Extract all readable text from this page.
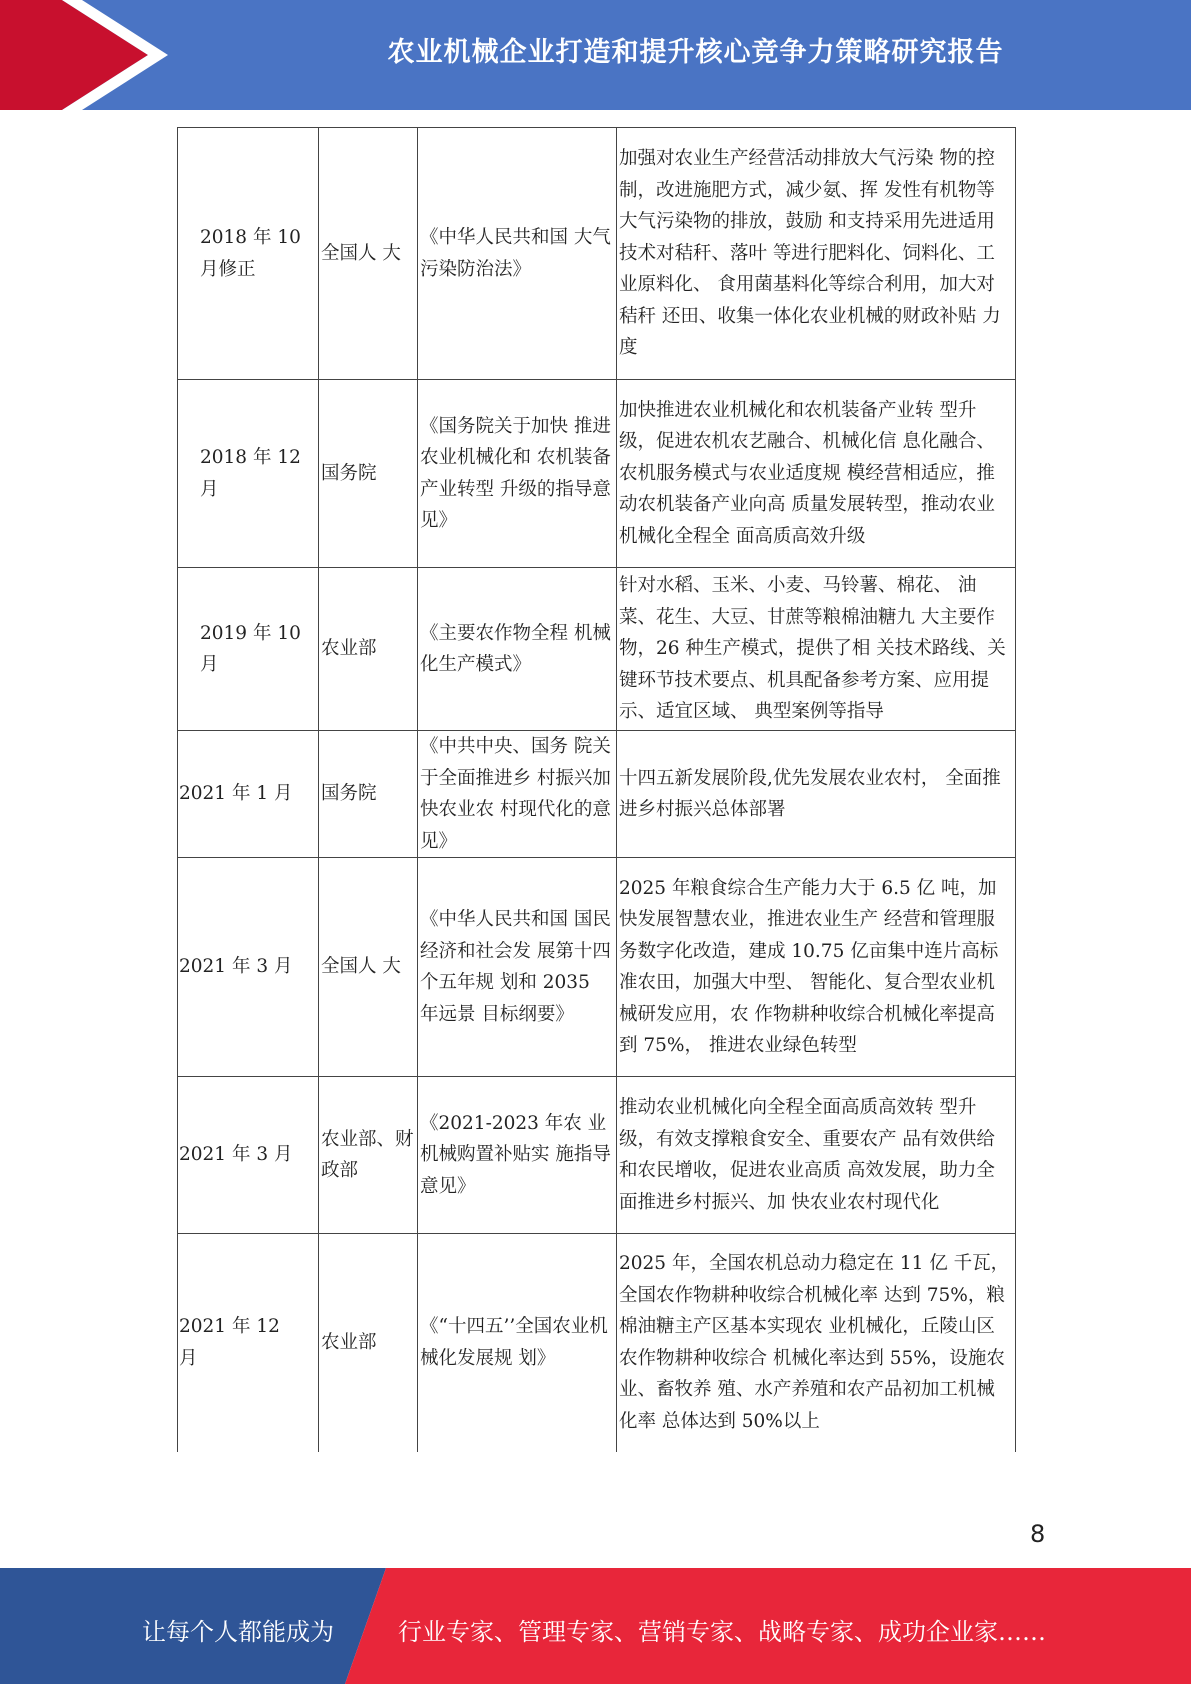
农业机械企业打造和提升核心竞争力策略研究报告
2018 年 10 月修正	全国人 大	《中华人民共和国 大气污染防治法》	加强对农业生产经营活动排放大气污染 物的控制，改进施肥方式，减少氨、挥 发性有机物等大气污染物的排放，鼓励 和支持采用先进适用技术对秸秆、落叶 等进行肥料化、饲料化、工业原料化、 食用菌基料化等综合利用，加大对秸秆 还田、收集一体化农业机械的财政补贴 力度
2018 年 12 月	国务院	《国务院关于加快 推进农业机械化和 农机装备产业转型 升级的指导意见》	加快推进农业机械化和农机装备产业转 型升级，促进农机农艺融合、机械化信 息化融合、农机服务模式与农业适度规 模经营相适应，推动农机装备产业向高 质量发展转型，推动农业机械化全程全 面高质高效升级
2019 年 10 月	农业部	《主要农作物全程 机械化生产模式》	针对水稻、玉米、小麦、马铃薯、棉花、 油菜、花生、大豆、甘蔗等粮棉油糖九 大主要作物，26 种生产模式，提供了相 关技术路线、关键环节技术要点、机具配备参考方案、应用提示、适宜区域、 典型案例等指导
2021 年 1 月	国务院	《中共中央、国务 院关于全面推进乡 村振兴加快农业农 村现代化的意见》	十四五新发展阶段,优先发展农业农村， 全面推进乡村振兴总体部署
2021 年 3 月	全国人 大	《中华人民共和国 国民经济和社会发 展第十四个五年规 划和 2035 年远景 目标纲要》	2025 年粮食综合生产能力大于 6.5 亿 吨，加快发展智慧农业，推进农业生产 经营和管理服务数字化改造，建成 10.75 亿亩集中连片高标准农田，加强大中型、 智能化、复合型农业机械研发应用，农 作物耕种收综合机械化率提高到 75%， 推进农业绿色转型
2021 年 3 月	农业部、财政部	《2021-2023 年农 业机械购置补贴实 施指导意见》	推动农业机械化向全程全面高质高效转 型升级，有效支撑粮食安全、重要农产 品有效供给和农民增收，促进农业高质 高效发展，助力全面推进乡村振兴、加 快农业农村现代化
2021 年 12 月	农业部	《“十四五’’全国农业机械化发展规 划》	2025 年，全国农机总动力稳定在 11 亿 千瓦，全国农作物耕种收综合机械化率 达到 75%，粮棉油糖主产区基本实现农 业机械化，丘陵山区农作物耕种收综合 机械化率达到 55%，设施农业、畜牧养 殖、水产养殖和农产品初加工机械化率 总体达到 50%以上
8
让每个人都能成为	行业专家、管理专家、营销专家、战略专家、成功企业家……
